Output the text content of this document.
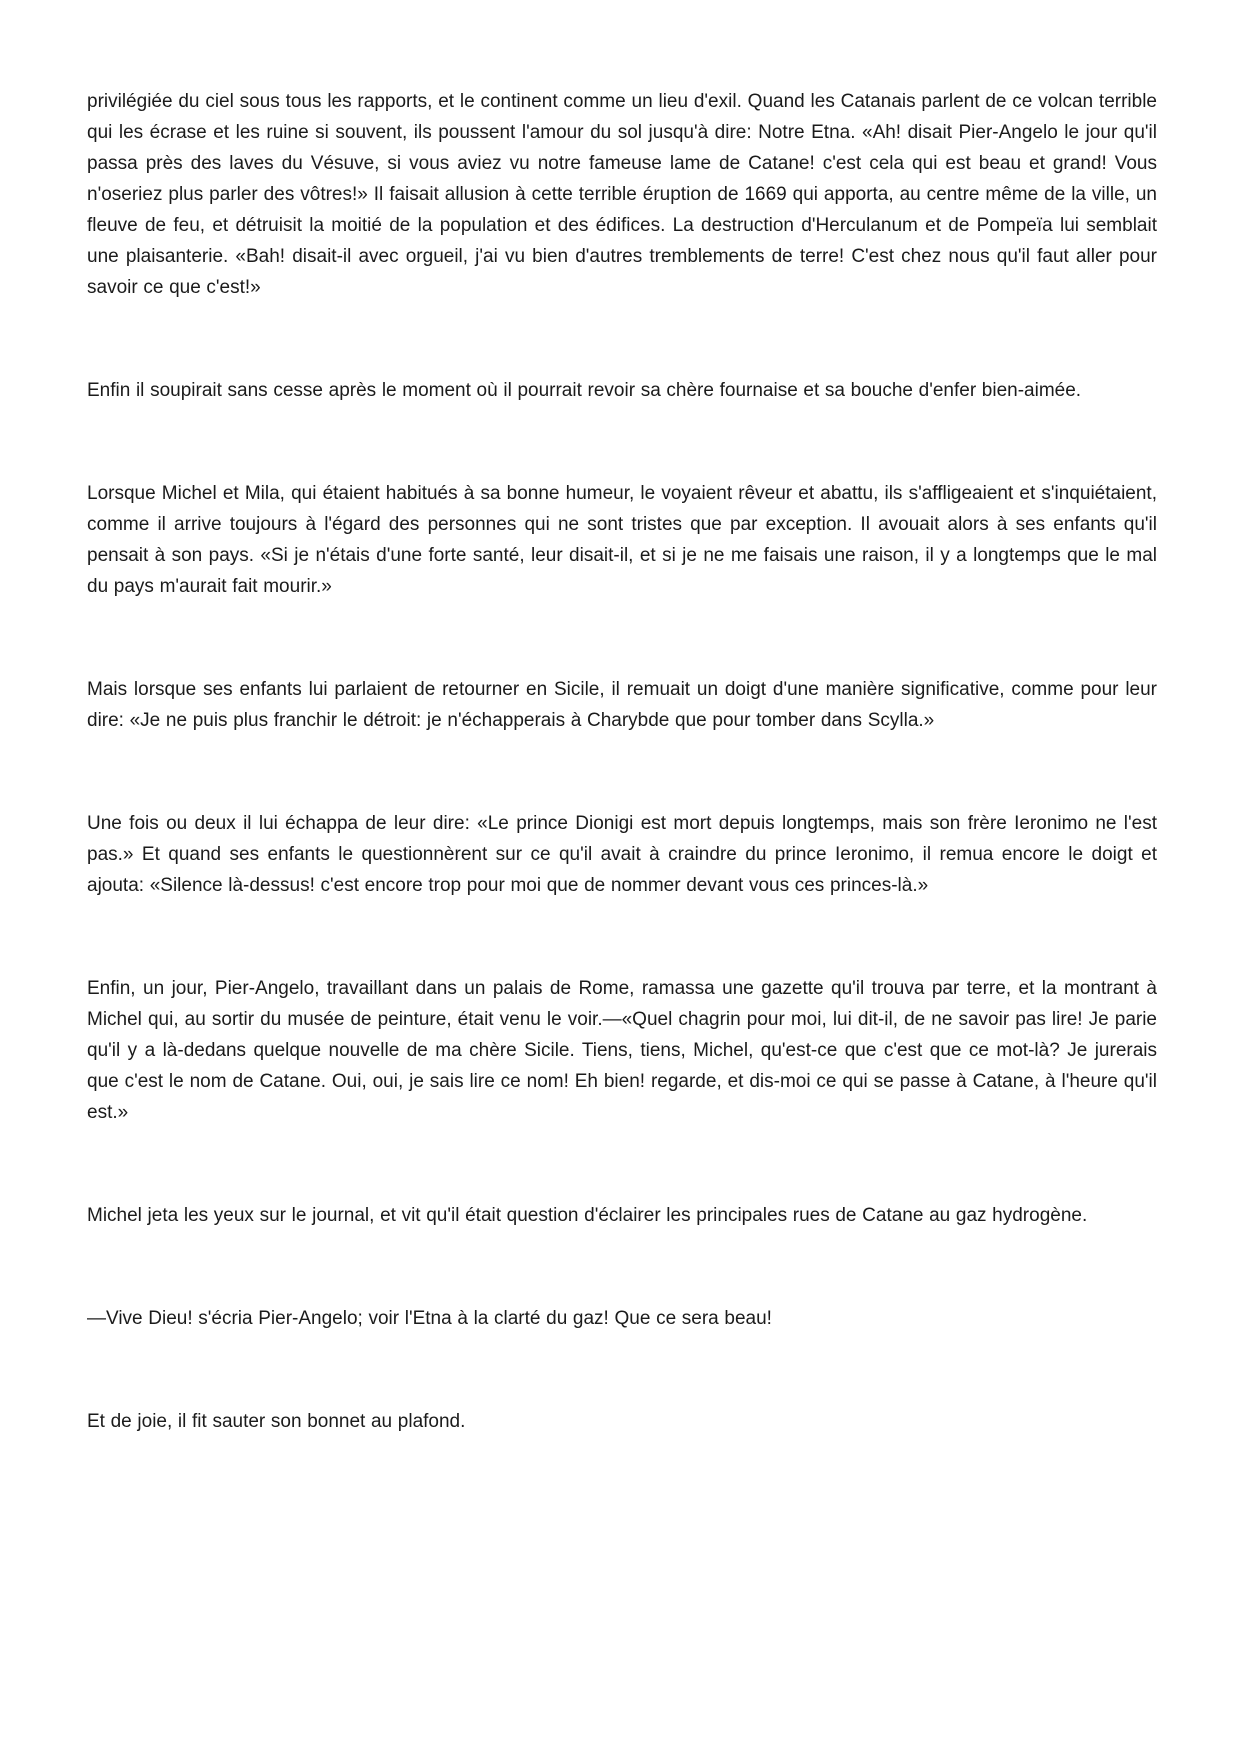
privilégiée du ciel sous tous les rapports, et le continent comme un lieu d'exil. Quand les Catanais parlent de ce volcan terrible qui les écrase et les ruine si souvent, ils poussent l'amour du sol jusqu'à dire: Notre Etna. «Ah! disait Pier-Angelo le jour qu'il passa près des laves du Vésuve, si vous aviez vu notre fameuse lame de Catane! c'est cela qui est beau et grand! Vous n'oseriez plus parler des vôtres!» Il faisait allusion à cette terrible éruption de 1669 qui apporta, au centre même de la ville, un fleuve de feu, et détruisit la moitié de la population et des édifices. La destruction d'Herculanum et de Pompeïa lui semblait une plaisanterie. «Bah! disait-il avec orgueil, j'ai vu bien d'autres tremblements de terre! C'est chez nous qu'il faut aller pour savoir ce que c'est!»

Enfin il soupirait sans cesse après le moment où il pourrait revoir sa chère fournaise et sa bouche d'enfer bien-aimée.

Lorsque Michel et Mila, qui étaient habitués à sa bonne humeur, le voyaient rêveur et abattu, ils s'affligeaient et s'inquiétaient, comme il arrive toujours à l'égard des personnes qui ne sont tristes que par exception. Il avouait alors à ses enfants qu'il pensait à son pays. «Si je n'étais d'une forte santé, leur disait-il, et si je ne me faisais une raison, il y a longtemps que le mal du pays m'aurait fait mourir.»

Mais lorsque ses enfants lui parlaient de retourner en Sicile, il remuait un doigt d'une manière significative, comme pour leur dire: «Je ne puis plus franchir le détroit: je n'échapperais à Charybde que pour tomber dans Scylla.»

Une fois ou deux il lui échappa de leur dire: «Le prince Dionigi est mort depuis longtemps, mais son frère Ieronimo ne l'est pas.» Et quand ses enfants le questionnèrent sur ce qu'il avait à craindre du prince Ieronimo, il remua encore le doigt et ajouta: «Silence là-dessus! c'est encore trop pour moi que de nommer devant vous ces princes-là.»

Enfin, un jour, Pier-Angelo, travaillant dans un palais de Rome, ramassa une gazette qu'il trouva par terre, et la montrant à Michel qui, au sortir du musée de peinture, était venu le voir.—«Quel chagrin pour moi, lui dit-il, de ne savoir pas lire! Je parie qu'il y a là-dedans quelque nouvelle de ma chère Sicile. Tiens, tiens, Michel, qu'est-ce que c'est que ce mot-là? Je jurerais que c'est le nom de Catane. Oui, oui, je sais lire ce nom! Eh bien! regarde, et dis-moi ce qui se passe à Catane, à l'heure qu'il est.»

Michel jeta les yeux sur le journal, et vit qu'il était question d'éclairer les principales rues de Catane au gaz hydrogène.

—Vive Dieu! s'écria Pier-Angelo; voir l'Etna à la clarté du gaz! Que ce sera beau!

Et de joie, il fit sauter son bonnet au plafond.
